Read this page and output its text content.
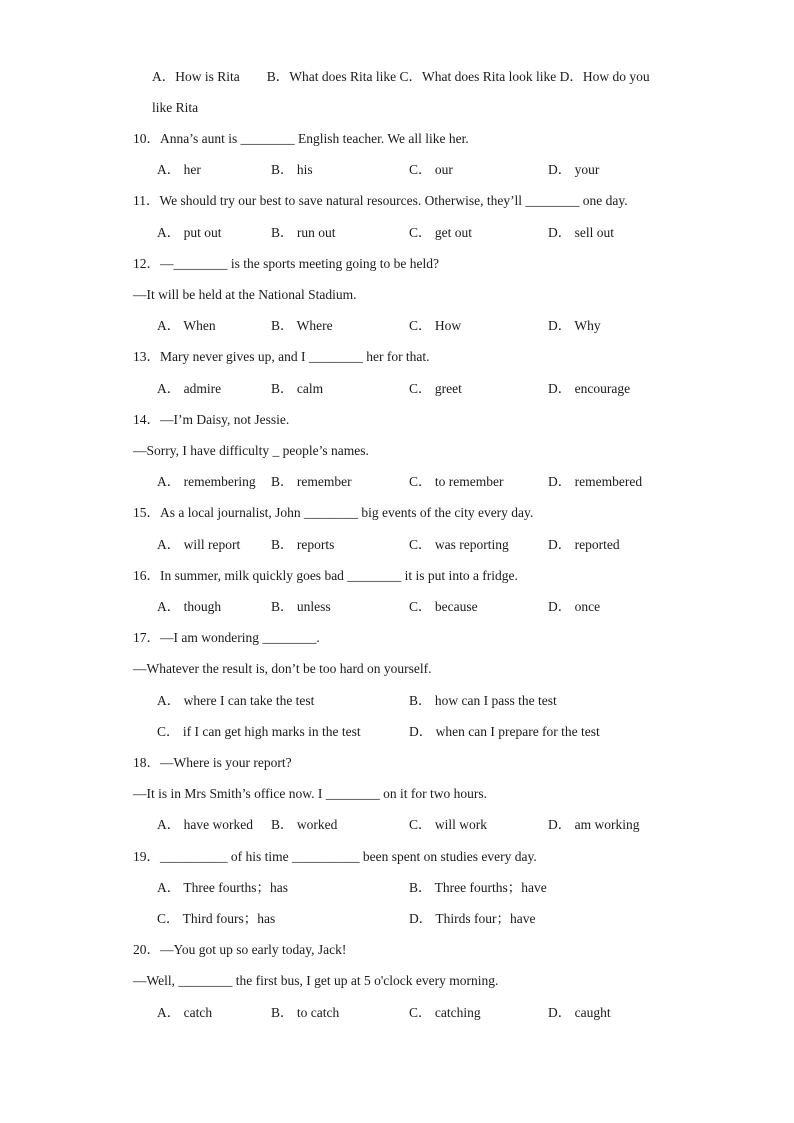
A．How is Rita　　B．What does Rita like C．What does Rita look like D．How do you
like Rita
10．Anna’s aunt is ________ English teacher. We all like her.
A． her	B． his	C． our	D． your
11．We should try our best to save natural resources. Otherwise, they’ll ________ one day.
A． put out	B． run out	C． get out	D． sell out
12．—________ is the sports meeting going to be held?
—It will be held at the National Stadium.
A． When	B． Where	C． How	D． Why
13．Mary never gives up, and I ________ her for that.
A． admire	B． calm	C． greet	D． encourage
14．—I’m Daisy, not Jessie.
—Sorry, I have difficulty _ people’s names.
A． remembering B． remember	C． to remember	D． remembered
15．As a local journalist, John ________ big events of the city every day.
A． will report B． reports	C． was reporting	D． reported
16．In summer, milk quickly goes bad ________ it is put into a fridge.
A． though	B． unless	C． because	D． once
17．—I am wondering ________.
—Whatever the result is, don’t be too hard on yourself.
A． where I can take the test	B． how can I pass the test
C． if I can get high marks in the test	D． when can I prepare for the test
18．—Where is your report?
—It is in Mrs Smith’s office now. I ________ on it for two hours.
A． have worked B． worked	C． will work	D． am working
19．__________ of his time __________ been spent on studies every day.
A． Three fourths；has	B． Three fourths；have
C． Third fours；has	D． Thirds four；have
20．—You got up so early today, Jack!
—Well, ________ the first bus, I get up at 5 o'clock every morning.
A． catch	B． to catch	C． catching	D． caught
